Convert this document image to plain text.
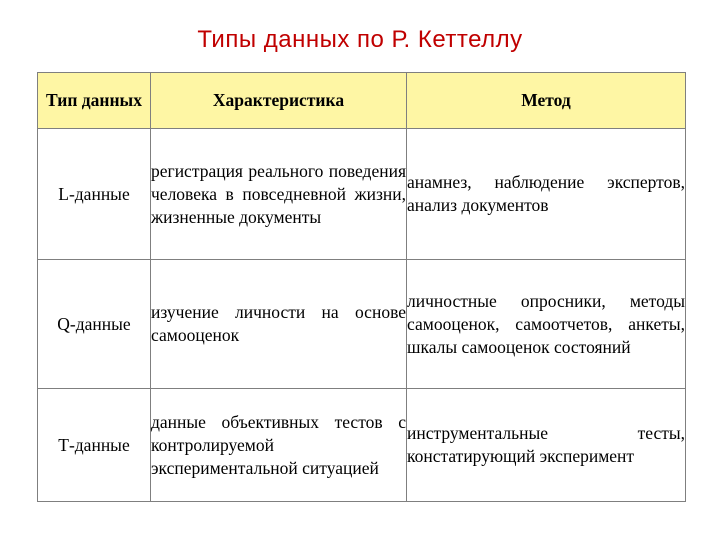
Типы данных по Р. Кеттеллу
Тип данных	Характеристика	Метод
L-данные	регистрация реального поведения человека в повседневной жизни, жизненные документы	анамнез, наблюдение экспертов, анализ документов
Q-данные	изучение личности на основе самооценок	личностные опросники, методы самооценок, самоотчетов, анкеты, шкалы самооценок состояний
Т-данные	данные объективных тестов с контролируемой экспериментальной ситуацией	инструментальные тесты, констатирующий эксперимент
